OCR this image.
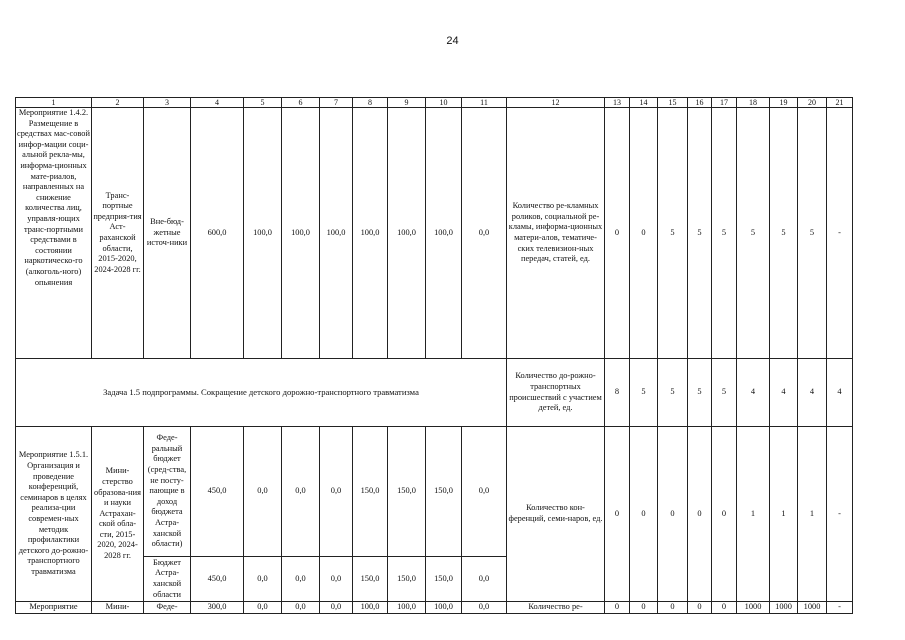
24
1	2	3	4	5	6	7	8	9	10	11	12	13	14	15	16	17	18	19	20	21
Мероприятие 1.4.2. Размещение в средствах мас-совой инфор-мации соци-альной рекла-мы, информа-ционных мате-риалов, направленных на снижение количества лиц, управля-ющих транс-портными средствами в состоянии наркотическо-го (алкоголь-ного) опьянения	Транс-портные предприя-тия Аст-раханской области, 2015-2020, 2024-2028 гг.	Вне-бюд-жетные источ-ники	600,0	100,0	100,0	100,0	100,0	100,0	100,0	0,0	Количество ре-кламных роликов, социальной ре-кламы, информа-ционных матери-алов, тематиче-ских телевизион-ных передач, статей, ед.	0	0	5	5	5	5	5	5	-
Задача 1.5 подпрограммы. Сокращение детского дорожно-транспортного травматизма											Количество до-рожно-транспортных происшествий с участием детей, ед.	8	5	5	5	5	4	4	4	4
Мероприятие 1.5.1. Организация и проведение конференций, семинаров в целях реализа-ции современ-ных методик профилактики детского до-рожно-транспортного травматизма	Мини-стерство образова-ния и науки Астрахан-ской обла-сти, 2015-2020, 2024-2028 гг.	Феде-ральный бюджет (сред-ства, не посту-пающие в доход бюджета Астра-ханской области)	450,0	0,0	0,0	0,0	150,0	150,0	150,0	0,0	Количество кон-ференций, семи-наров, ед.	0	0	0	0	0	1	1	1	-
		Бюджет Астра-ханской области	450,0	0,0	0,0	0,0	150,0	150,0	150,0	0,0										
Мероприятие	Мини-	Феде-	300,0	0,0	0,0	0,0	100,0	100,0	100,0	0,0	Количество ре-	0	0	0	0	0	1000	1000	1000	-
